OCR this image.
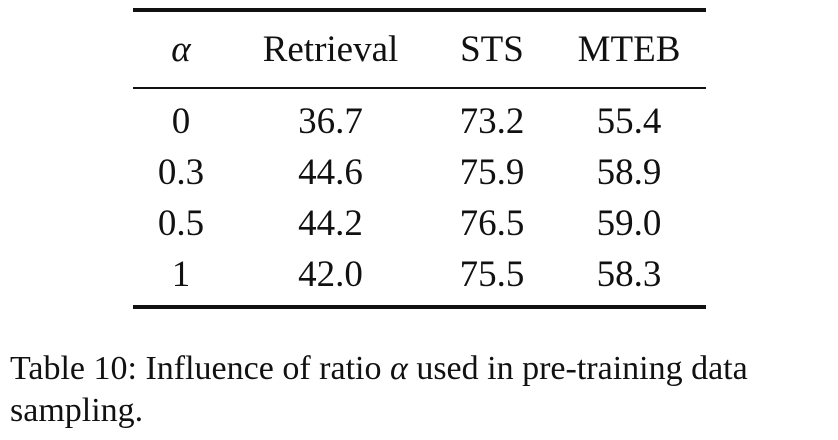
α	Retrieval	STS	MTEB
0	36.7	73.2	55.4
0.3	44.6	75.9	58.9
0.5	44.2	76.5	59.0
1	42.0	75.5	58.3
Table 10: Influence of ratio α used in pre-training data sampling.
